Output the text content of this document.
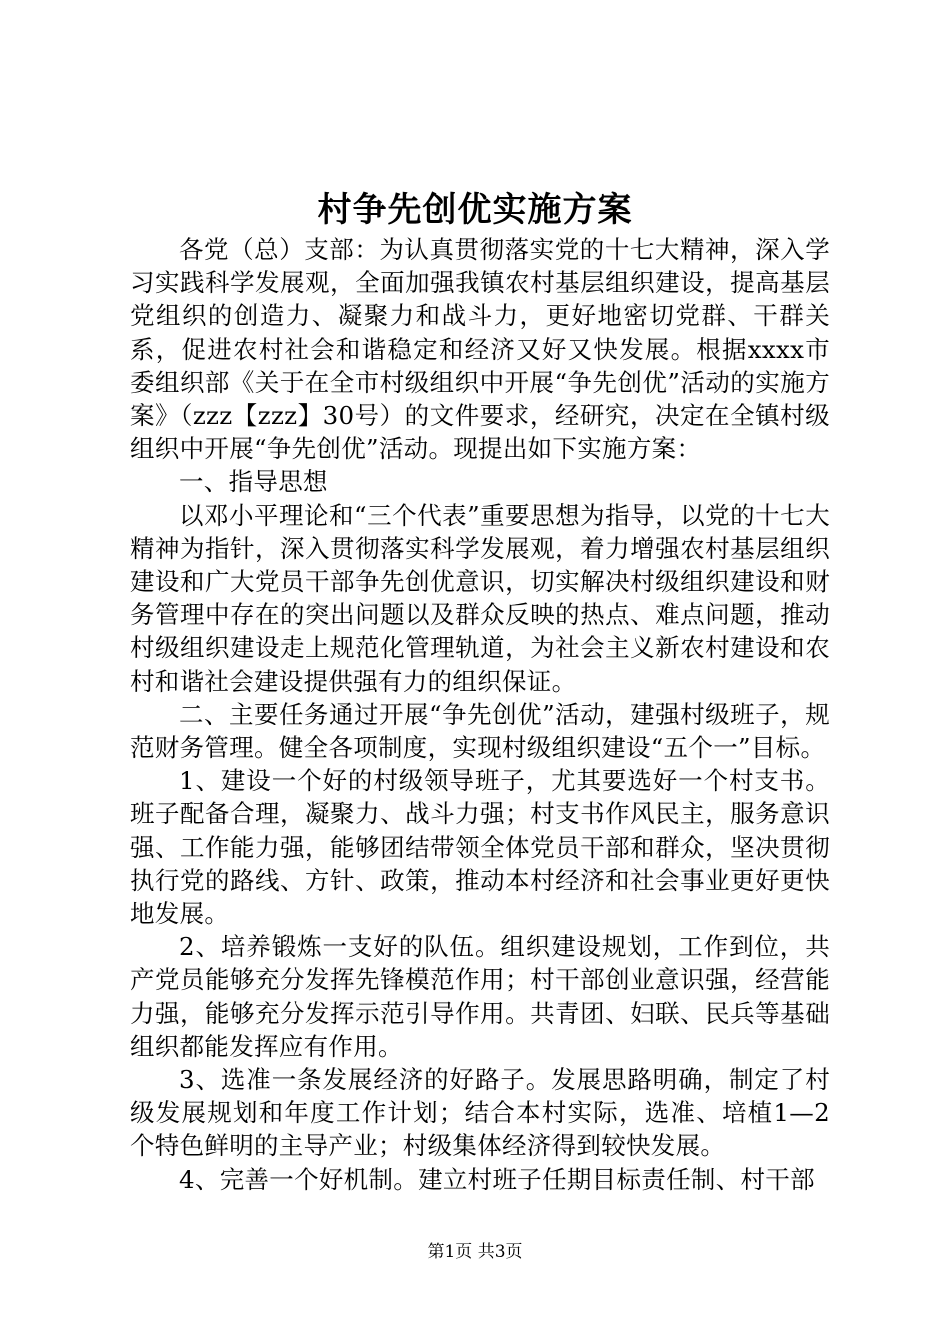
村争先创优实施方案

各党（总）支部：为认真贯彻落实党的十七大精神，深入学习实践科学发展观，全面加强我镇农村基层组织建设，提高基层党组织的创造力、凝聚力和战斗力，更好地密切党群、干群关系，促进农村社会和谐稳定和经济又好又快发展。根据xxxx市委组织部《关于在全市村级组织中开展“争先创优”活动的实施方案》（zzz【zzz】30号）的文件要求，经研究，决定在全镇村级组织中开展“争先创优”活动。现提出如下实施方案：

一、指导思想

以邓小平理论和“三个代表”重要思想为指导，以党的十七大精神为指针，深入贯彻落实科学发展观，着力增强农村基层组织建设和广大党员干部争先创优意识，切实解决村级组织建设和财务管理中存在的突出问题以及群众反映的热点、难点问题，推动村级组织建设走上规范化管理轨道，为社会主义新农村建设和农村和谐社会建设提供强有力的组织保证。

二、主要任务通过开展“争先创优”活动，建强村级班子，规范财务管理。健全各项制度，实现村级组织建设“五个一”目标。

1、建设一个好的村级领导班子，尤其要选好一个村支书。班子配备合理，凝聚力、战斗力强；村支书作风民主，服务意识强、工作能力强，能够团结带领全体党员干部和群众，坚决贯彻执行党的路线、方针、政策，推动本村经济和社会事业更好更快地发展。

2、培养锻炼一支好的队伍。组织建设规划，工作到位，共产党员能够充分发挥先锋模范作用；村干部创业意识强，经营能力强，能够充分发挥示范引导作用。共青团、妇联、民兵等基础组织都能发挥应有作用。

3、选准一条发展经济的好路子。发展思路明确，制定了村级发展规划和年度工作计划；结合本村实际，选准、培植1—2个特色鲜明的主导产业；村级集体经济得到较快发展。

4、完善一个好机制。建立村班子任期目标责任制、村干部

第1页 共3页
